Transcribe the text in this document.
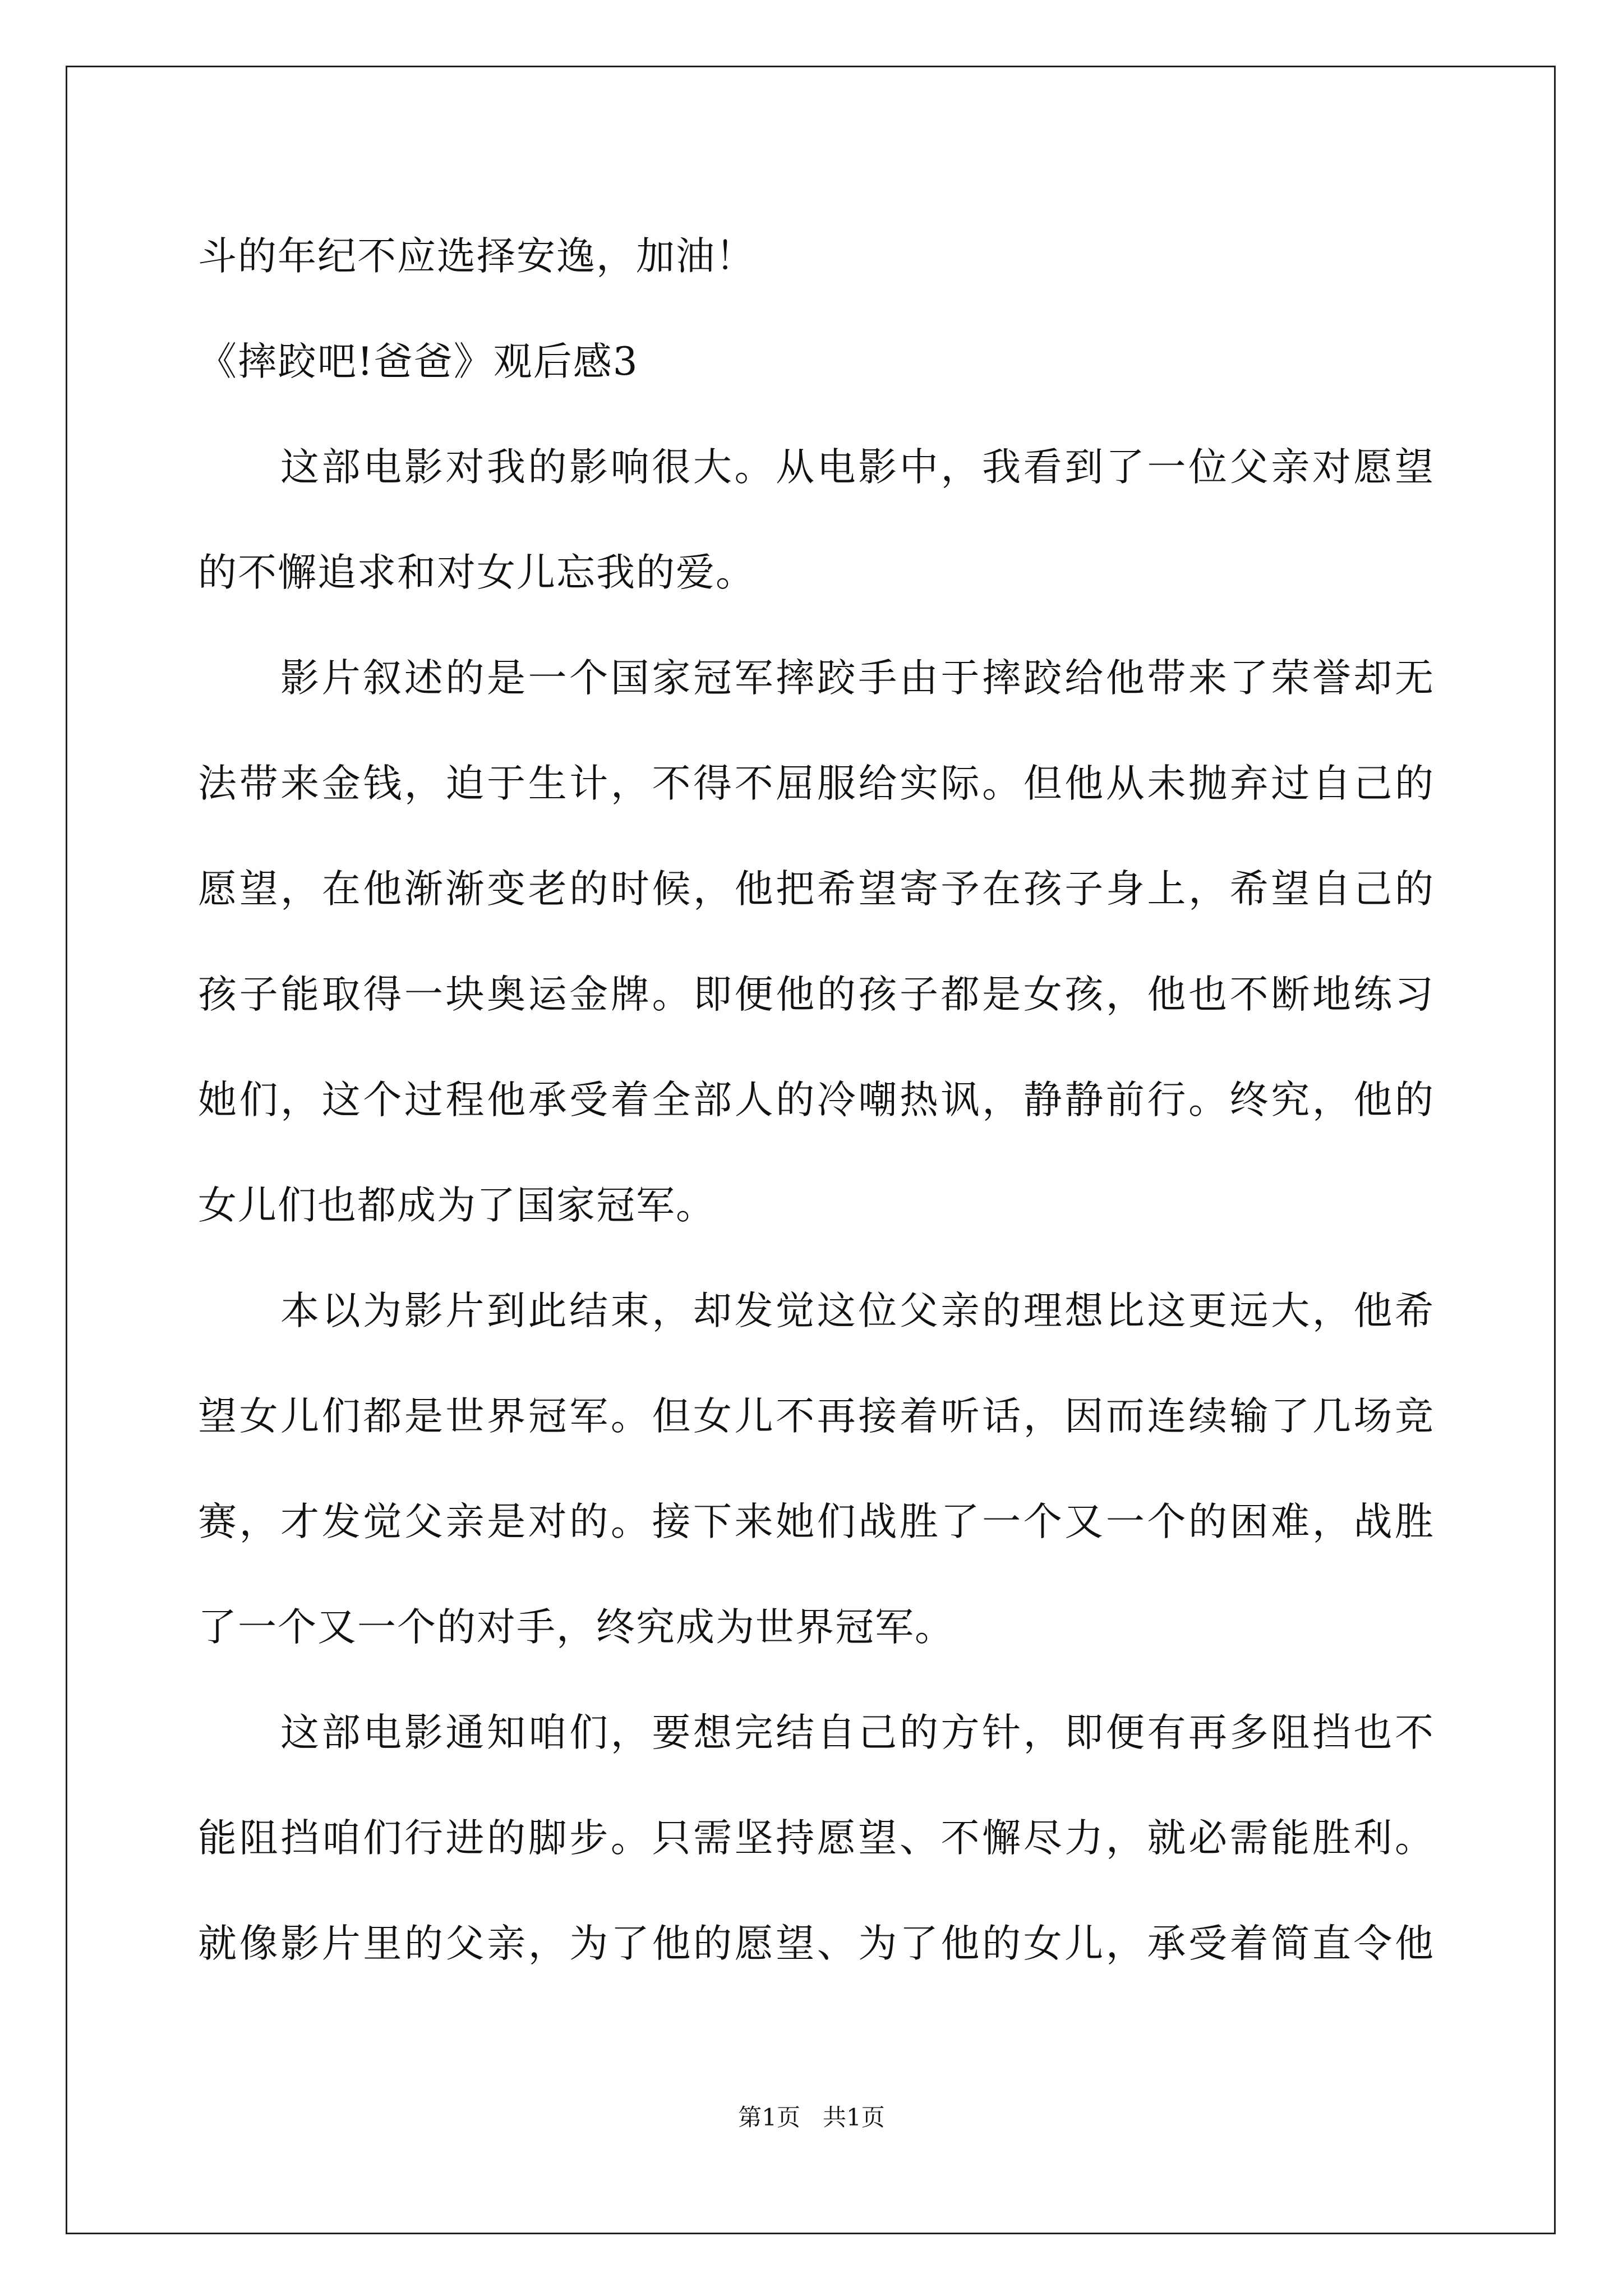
斗的年纪不应选择安逸，加油！
《摔跤吧!爸爸》观后感3
这部电影对我的影响很大。从电影中，我看到了一位父亲对愿望
的不懈追求和对女儿忘我的爱。
影片叙述的是一个国家冠军摔跤手由于摔跤给他带来了荣誉却无
法带来金钱，迫于生计，不得不屈服给实际。但他从未抛弃过自己的
愿望，在他渐渐变老的时候，他把希望寄予在孩子身上，希望自己的
孩子能取得一块奥运金牌。即便他的孩子都是女孩，他也不断地练习
她们，这个过程他承受着全部人的冷嘲热讽，静静前行。终究，他的
女儿们也都成为了国家冠军。
本以为影片到此结束，却发觉这位父亲的理想比这更远大，他希
望女儿们都是世界冠军。但女儿不再接着听话，因而连续输了几场竞
赛，才发觉父亲是对的。接下来她们战胜了一个又一个的困难，战胜
了一个又一个的对手，终究成为世界冠军。
这部电影通知咱们，要想完结自己的方针，即便有再多阻挡也不
能阻挡咱们行进的脚步。只需坚持愿望、不懈尽力，就必需能胜利。
就像影片里的父亲，为了他的愿望、为了他的女儿，承受着简直令他
第1页   共1页
